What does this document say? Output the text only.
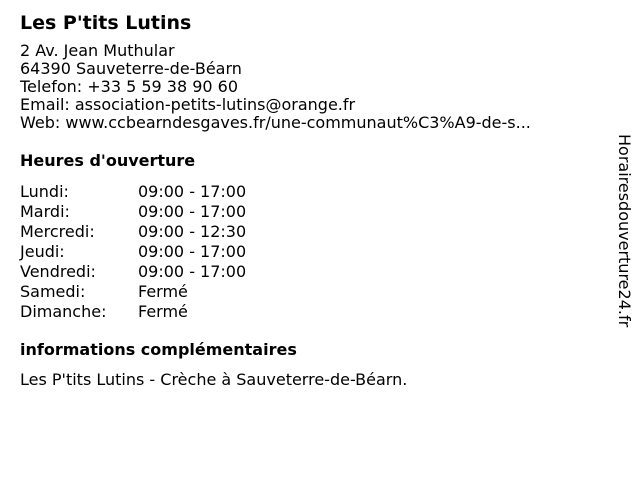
Les P'tits Lutins
2 Av. Jean Muthular
64390 Sauveterre-de-Béarn
Telefon: +33 5 59 38 90 60
Email: association-petits-lutins@orange.fr
Web: www.ccbearndesgaves.fr/une-communaut%C3%A9-de-s...
Heures d'ouverture
Lundi:	09:00 - 17:00
Mardi:	09:00 - 17:00
Mercredi:	09:00 - 12:30
Jeudi:	09:00 - 17:00
Vendredi:	09:00 - 17:00
Samedi:	Fermé
Dimanche:	Fermé
informations complémentaires
Les P'tits Lutins - Crèche à Sauveterre-de-Béarn.
Horairesdouverture24.fr
